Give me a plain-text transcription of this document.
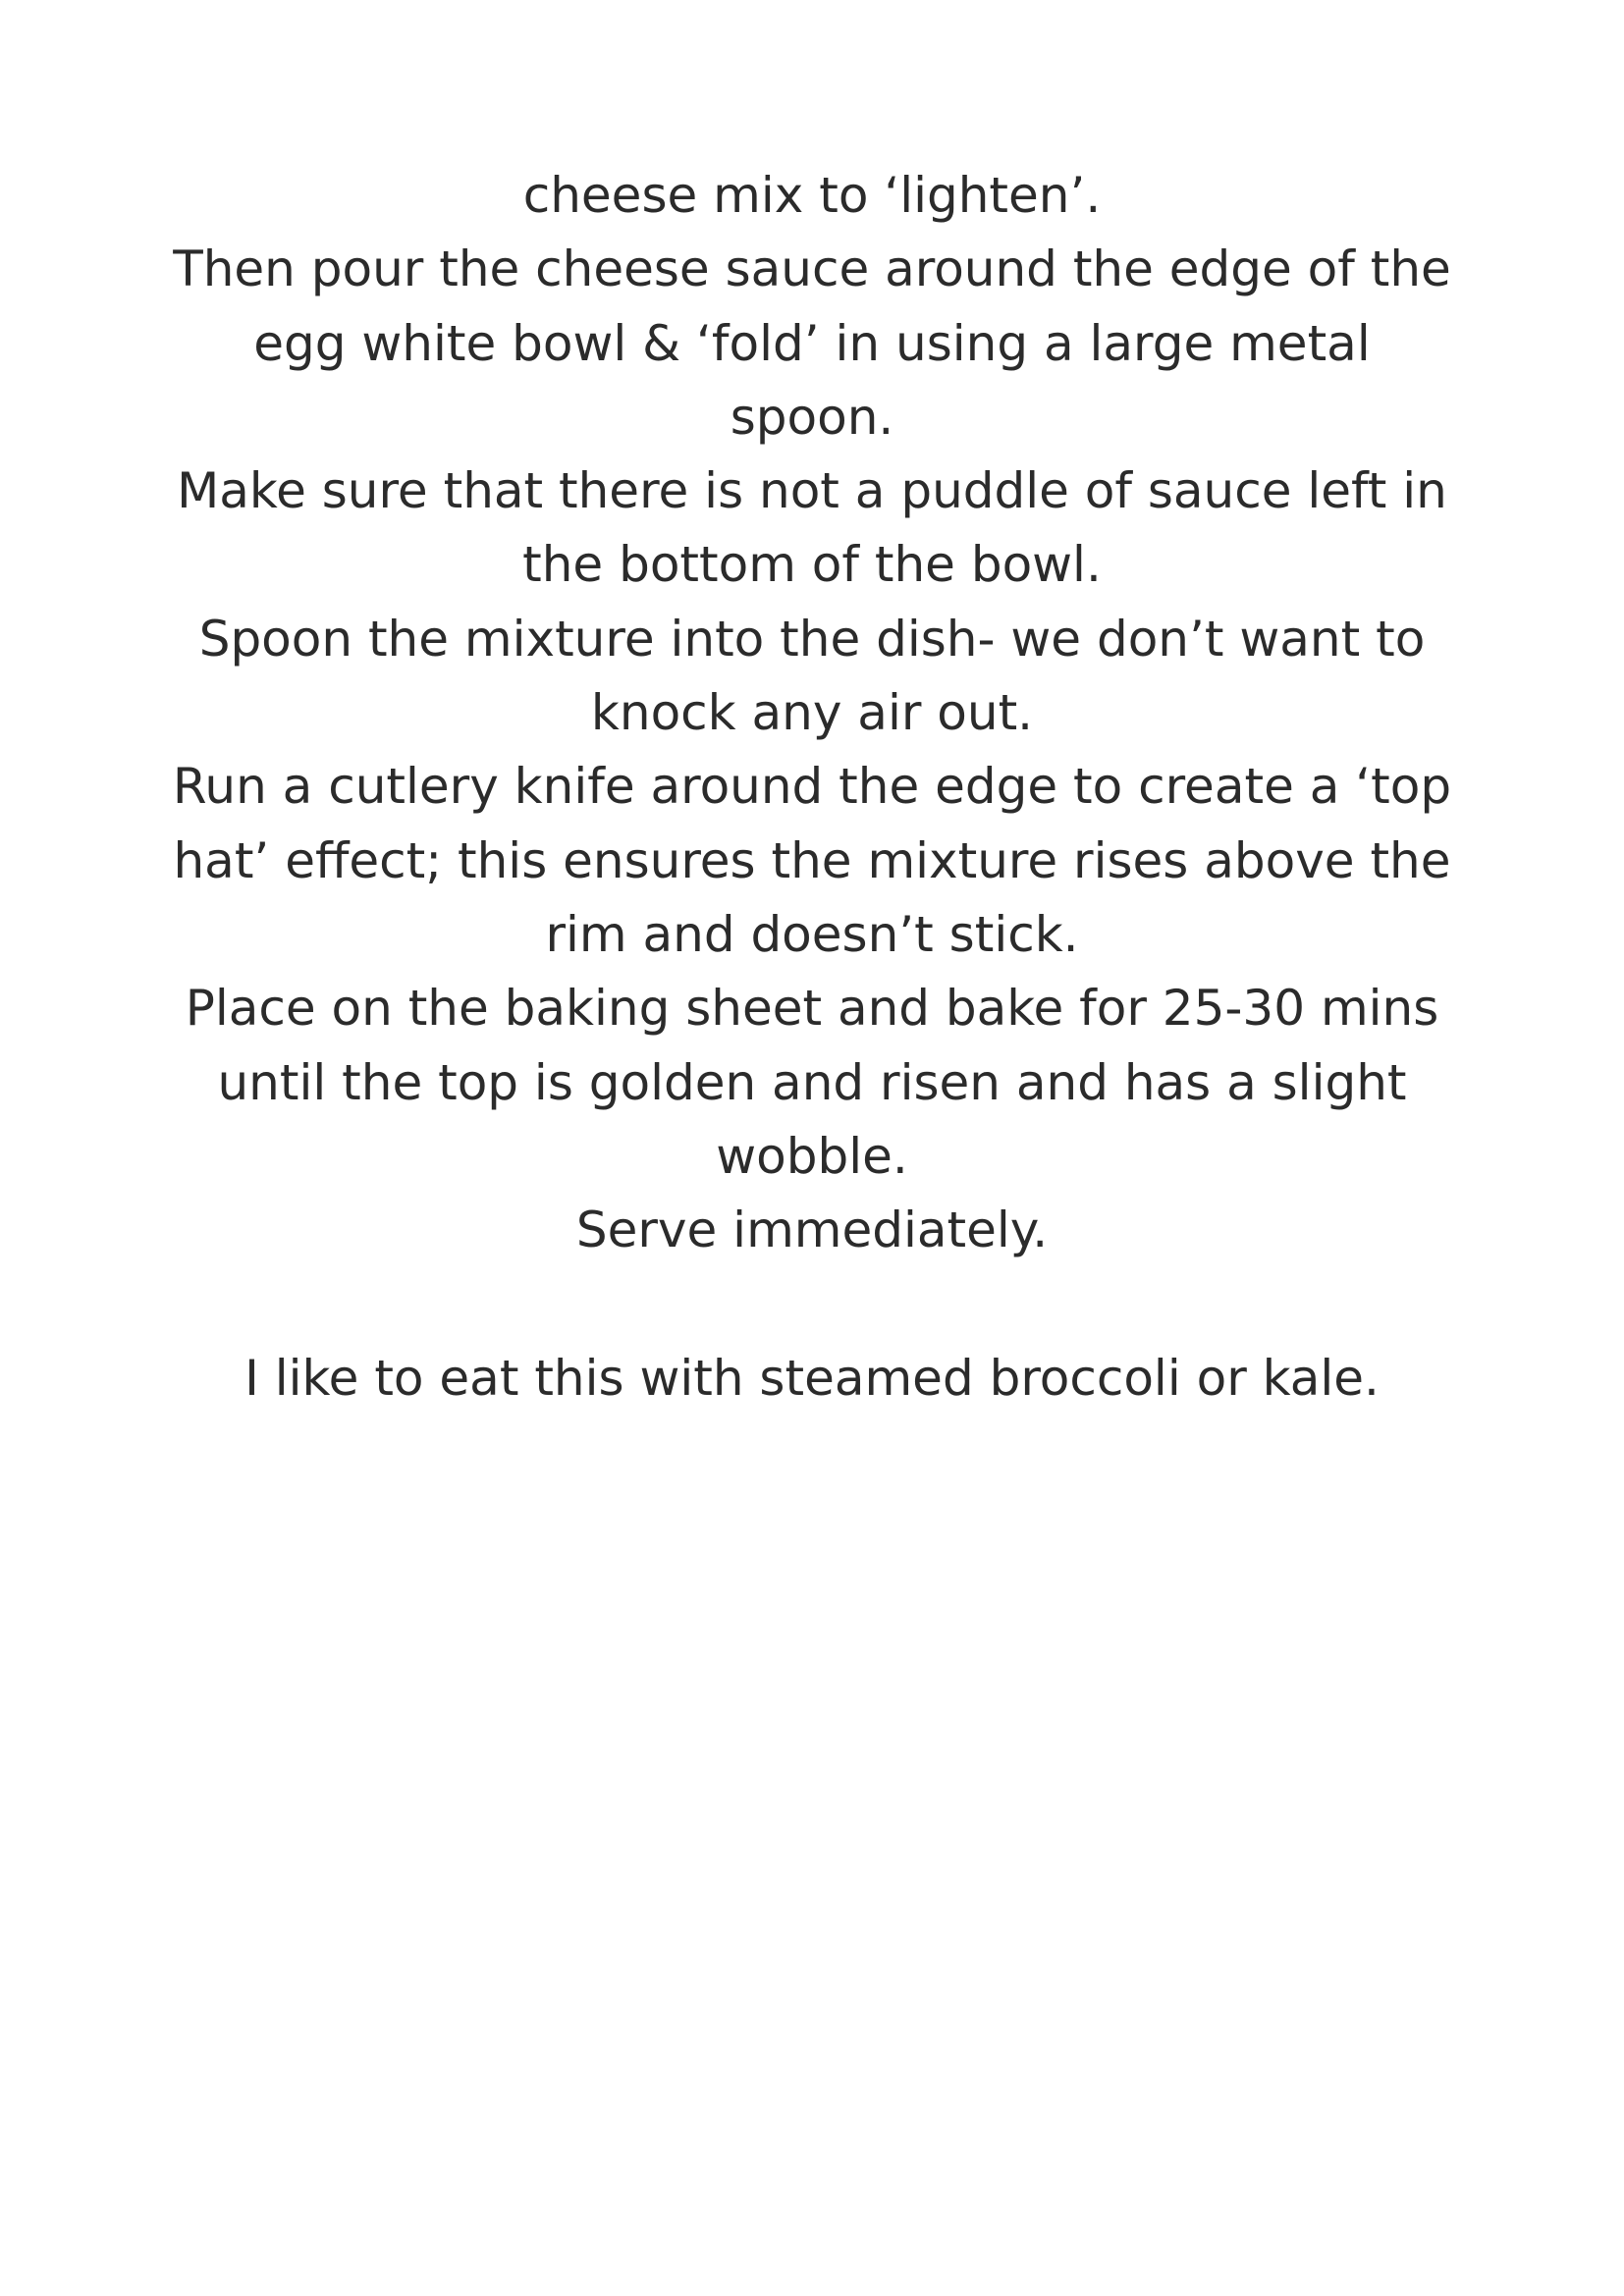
cheese mix to ‘lighten’.
Then pour the cheese sauce around the edge of the
egg white bowl & ‘fold’ in using a large metal
spoon.
Make sure that there is not a puddle of sauce left in
the bottom of the bowl.
Spoon the mixture into the dish- we don’t want to
knock any air out.
Run a cutlery knife around the edge to create a ‘top
hat’ effect; this ensures the mixture rises above the
rim and doesn’t stick.
Place on the baking sheet and bake for 25-30 mins
until the top is golden and risen and has a slight
wobble.
Serve immediately.
I like to eat this with steamed broccoli or kale.
